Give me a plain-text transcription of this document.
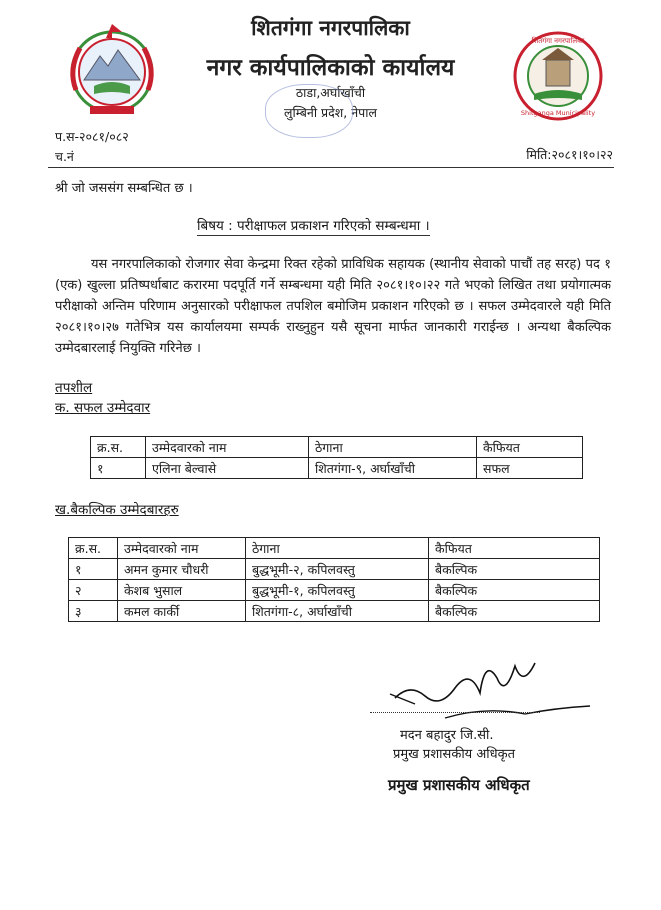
शितगंगा नगरपालिका
Shitganga Municipality
शितगंगा नगरपालिका
नगर कार्यपालिकाको कार्यालय
ठाडा,अर्घाखाँची
लुम्बिनी प्रदेश, नेपाल
प.स-२०८१/०८२
च.नं	मिति:२०८१।१०।२२
श्री जो जससंग सम्बन्धित छ ।
बिषय : परीक्षाफल प्रकाशन गरिएको सम्बन्धमा ।
यस नगरपालिकाको रोजगार सेवा केन्द्रमा रिक्त रहेको प्राविधिक सहायक (स्थानीय सेवाको पाचौं तह सरह) पद १ (एक) खुल्ला प्रतिष्पर्धाबाट करारमा पदपूर्ति गर्ने सम्बन्धमा यही मिति २०८१।१०।२२ गते भएको लिखित तथा प्रयोगात्मक परीक्षाको अन्तिम परिणाम अनुसारको परीक्षाफल तपशिल बमोजिम प्रकाशन गरिएको छ । सफल उम्मेदवारले यही मिति २०८१।१०।२७ गतेभित्र यस कार्यालयमा सम्पर्क राख्नुहुन यसै सूचना मार्फत जानकारी गराईन्छ । अन्यथा बैकल्पिक उम्मेदबारलाई नियुक्ति गरिनेछ ।
तपशील
क. सफल उम्मेदवार
क्र.स.	उम्मेदवारको नाम	ठेगाना	कैफियत
१	एलिना बेल्वासे	शितगंगा-९, अर्घाखाँची	सफल
ख.बैकल्पिक उम्मेदबारहरु
क्र.स.	उम्मेदवारको नाम	ठेगाना	कैफियत
१	अमन कुमार चौधरी	बुद्धभूमी-२, कपिलवस्तु	बैकल्पिक
२	केशब भुसाल	बुद्धभूमी-१, कपिलवस्तु	बैकल्पिक
३	कमल कार्की	शितगंगा-८, अर्घाखाँची	बैकल्पिक
मदन बहादुर जि.सी.
प्रमुख प्रशासकीय अधिकृत
प्रमुख प्रशासकीय अधिकृत
